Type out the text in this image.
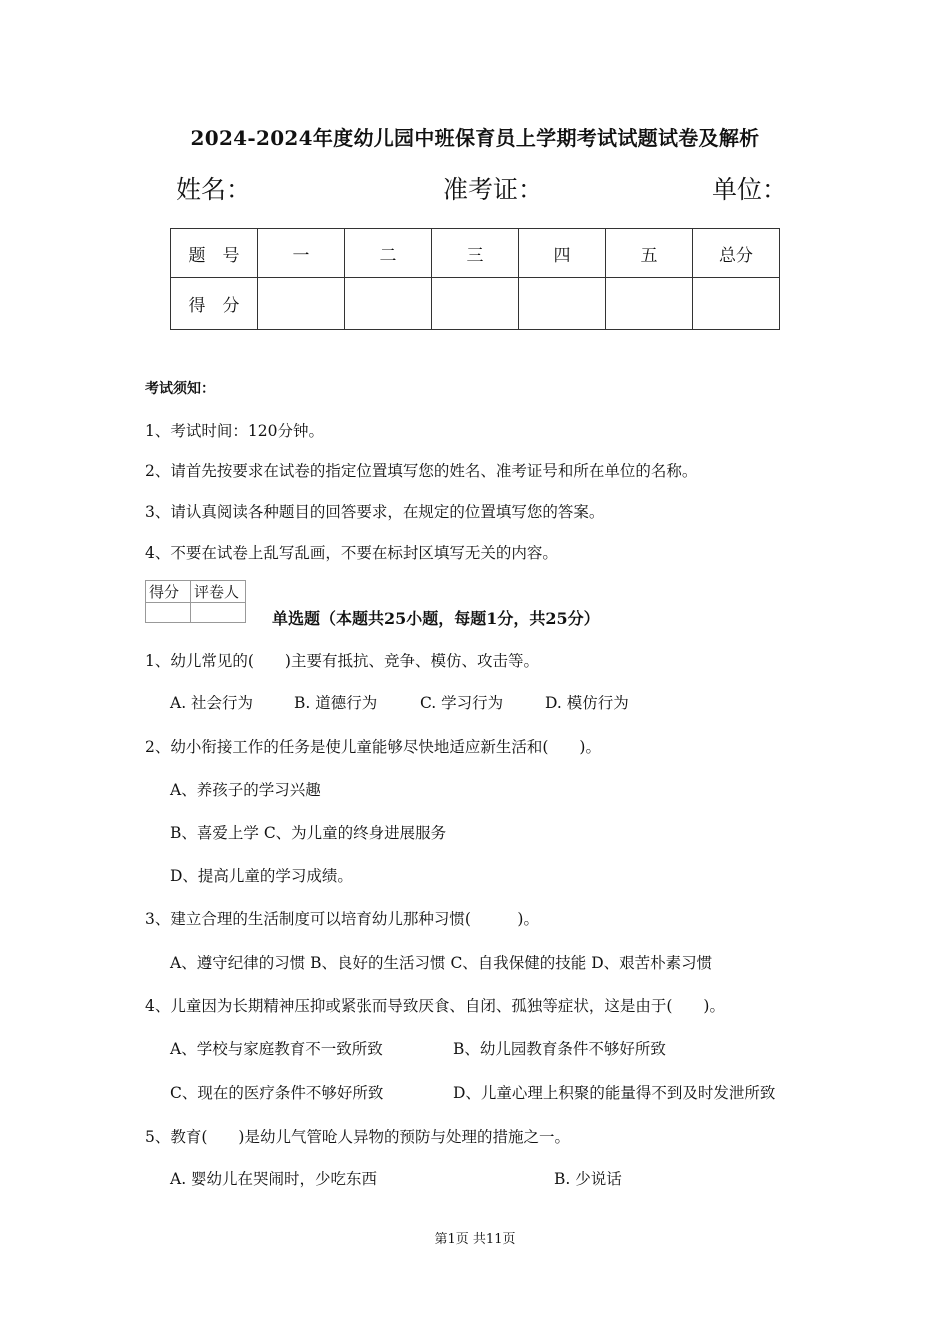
2024-2024年度幼儿园中班保育员上学期考试试题试卷及解析
姓名：	准考证：	单位：
题　号	一	二	三	四	五	总分
得　分						
考试须知：
1、考试时间：120分钟。
2、请首先按要求在试卷的指定位置填写您的姓名、准考证号和所在单位的名称。
3、请认真阅读各种题目的回答要求，在规定的位置填写您的答案。
4、不要在试卷上乱写乱画，不要在标封区填写无关的内容。
得分	评卷人

单选题（本题共25小题，每题1分，共25分）
1、幼儿常见的(　　)主要有抵抗、竞争、模仿、攻击等。
A. 社会行为	B. 道德行为	C. 学习行为	D. 模仿行为
2、幼小衔接工作的任务是使儿童能够尽快地适应新生活和(　　)。
A、养孩子的学习兴趣
B、喜爱上学 C、为儿童的终身进展服务
D、提高儿童的学习成绩。
3、建立合理的生活制度可以培育幼儿那种习惯(　　　)。
A、遵守纪律的习惯 B、良好的生活习惯 C、自我保健的技能 D、艰苦朴素习惯
4、儿童因为长期精神压抑或紧张而导致厌食、自闭、孤独等症状，这是由于(　　)。
A、学校与家庭教育不一致所致	B、幼儿园教育条件不够好所致
C、现在的医疗条件不够好所致	D、儿童心理上积聚的能量得不到及时发泄所致
5、教育(　　)是幼儿气管呛人异物的预防与处理的措施之一。
A. 婴幼儿在哭闹时，少吃东西	B. 少说话
第1页 共11页
